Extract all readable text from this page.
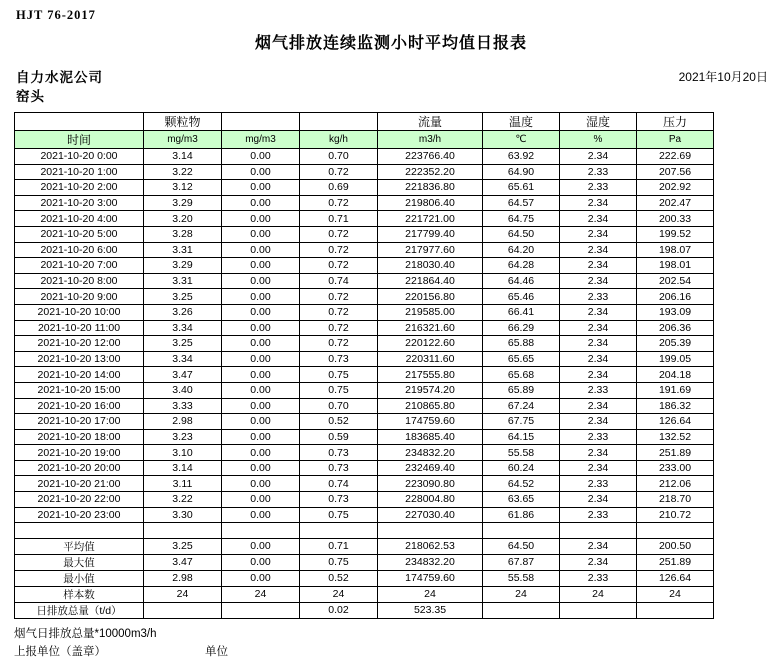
HJT 76-2017
烟气排放连续监测小时平均值日报表
自力水泥公司
窑头
2021年10月20日
	颗粒物			流量	温度	湿度	压力
时间	mg/m3	mg/m3	kg/h	m3/h	℃	%	Pa
2021-10-20 0:00	3.14	0.00	0.70	223766.40	63.92	2.34	222.69
2021-10-20 1:00	3.22	0.00	0.72	222352.20	64.90	2.33	207.56
2021-10-20 2:00	3.12	0.00	0.69	221836.80	65.61	2.33	202.92
2021-10-20 3:00	3.29	0.00	0.72	219806.40	64.57	2.34	202.47
2021-10-20 4:00	3.20	0.00	0.71	221721.00	64.75	2.34	200.33
2021-10-20 5:00	3.28	0.00	0.72	217799.40	64.50	2.34	199.52
2021-10-20 6:00	3.31	0.00	0.72	217977.60	64.20	2.34	198.07
2021-10-20 7:00	3.29	0.00	0.72	218030.40	64.28	2.34	198.01
2021-10-20 8:00	3.31	0.00	0.74	221864.40	64.46	2.34	202.54
2021-10-20 9:00	3.25	0.00	0.72	220156.80	65.46	2.33	206.16
2021-10-20 10:00	3.26	0.00	0.72	219585.00	66.41	2.34	193.09
2021-10-20 11:00	3.34	0.00	0.72	216321.60	66.29	2.34	206.36
2021-10-20 12:00	3.25	0.00	0.72	220122.60	65.88	2.34	205.39
2021-10-20 13:00	3.34	0.00	0.73	220311.60	65.65	2.34	199.05
2021-10-20 14:00	3.47	0.00	0.75	217555.80	65.68	2.34	204.18
2021-10-20 15:00	3.40	0.00	0.75	219574.20	65.89	2.33	191.69
2021-10-20 16:00	3.33	0.00	0.70	210865.80	67.24	2.34	186.32
2021-10-20 17:00	2.98	0.00	0.52	174759.60	67.75	2.34	126.64
2021-10-20 18:00	3.23	0.00	0.59	183685.40	64.15	2.33	132.52
2021-10-20 19:00	3.10	0.00	0.73	234832.20	55.58	2.34	251.89
2021-10-20 20:00	3.14	0.00	0.73	232469.40	60.24	2.34	233.00
2021-10-20 21:00	3.11	0.00	0.74	223090.80	64.52	2.33	212.06
2021-10-20 22:00	3.22	0.00	0.73	228004.80	63.65	2.34	218.70
2021-10-20 23:00	3.30	0.00	0.75	227030.40	61.86	2.33	210.72

平均值	3.25	0.00	0.71	218062.53	64.50	2.34	200.50
最大值	3.47	0.00	0.75	234832.20	67.87	2.34	251.89
最小值	2.98	0.00	0.52	174759.60	55.58	2.33	126.64
样本数	24	24	24	24	24	24	24
日排放总量（t/d）			0.02	523.35			
烟气日排放总量*10000m3/h
上报单位（盖章）	单位
